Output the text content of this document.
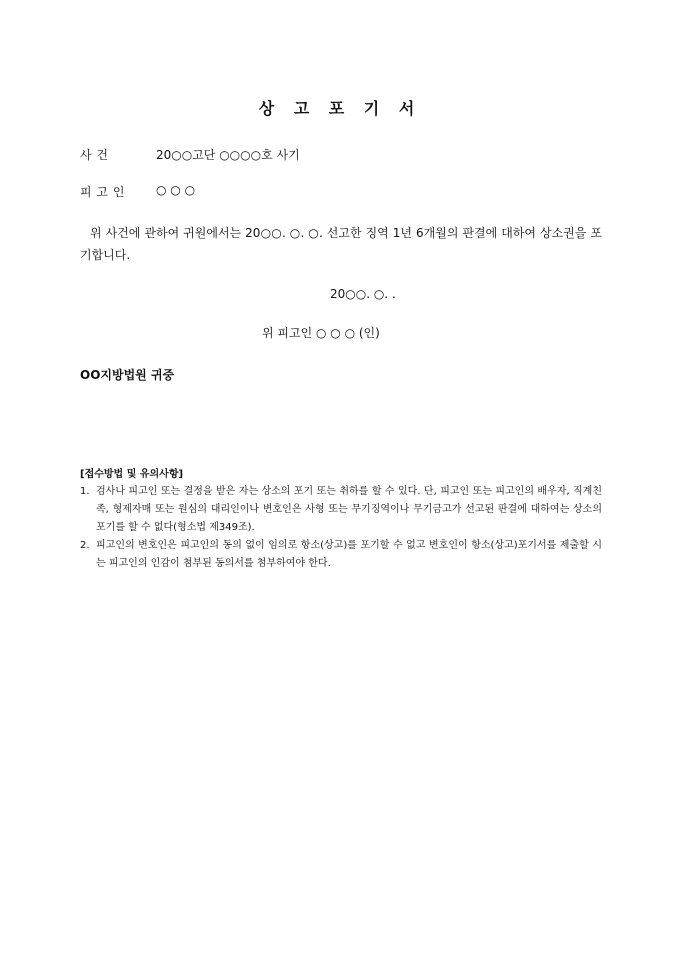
상 고 포 기 서
사 건	20○○고단 ○○○○호 사기
피 고 인	○ ○ ○
위 사건에 관하여 귀원에서는 20○○. ○. ○. 선고한 징역 1년 6개월의 판결에 대하여 상소권을 포기합니다.
20○○. ○. .
위 피고인 ○ ○ ○ (인)
OO지방법원 귀중
[접수방법 및 유의사항]
1. 검사나 피고인 또는 결정을 받은 자는 상소의 포기 또는 취하를 할 수 있다. 단, 피고인 또는 피고인의 배우자, 직계친족, 형제자매 또는 원심의 대리인이나 변호인은 사형 또는 무기징역이나 무기금고가 선고된 판결에 대하여는 상소의 포기를 할 수 없다(형소법 제349조).
2. 피고인의 변호인은 피고인의 동의 없이 임의로 항소(상고)를 포기할 수 없고 변호인이 항소(상고)포기서를 제출할 시는 피고인의 인감이 첨부된 동의서를 첨부하여야 한다.
